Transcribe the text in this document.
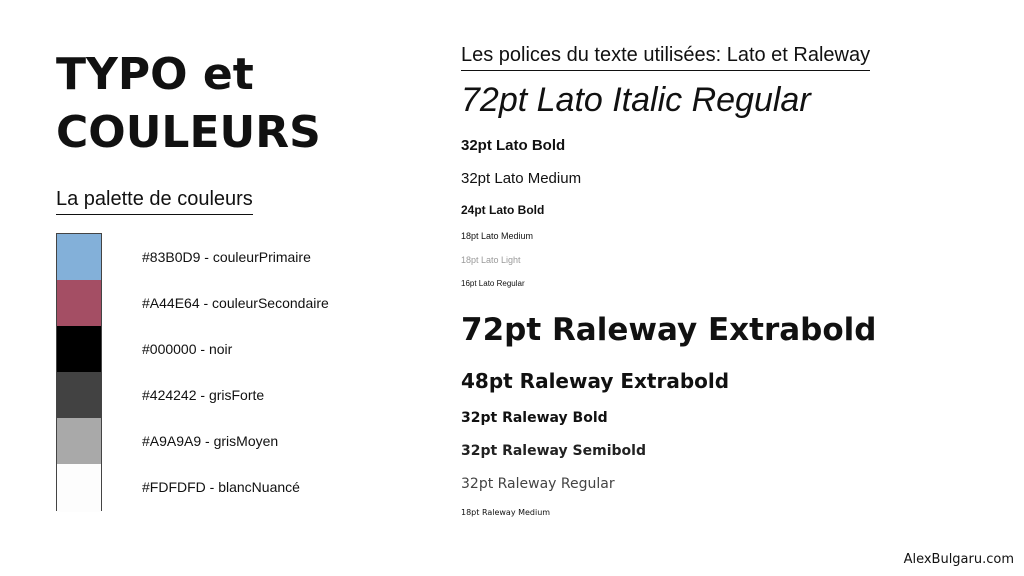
TYPO et
COULEURS
La palette de couleurs
#83B0D9 - couleurPrimaire
#A44E64 - couleurSecondaire
#000000 - noir
#424242 - grisForte
#A9A9A9 - grisMoyen
#FDFDFD - blancNuancé
Les polices du texte utilisées: Lato et Raleway
72pt Lato Italic Regular
32pt Lato Bold
32pt Lato Medium
24pt Lato Bold
18pt Lato Medium
18pt Lato Light
16pt Lato Regular
72pt Raleway Extrabold
48pt Raleway Extrabold
32pt Raleway Bold
32pt Raleway Semibold
32pt Raleway Regular
18pt Raleway Medium
AlexBulgaru.com
